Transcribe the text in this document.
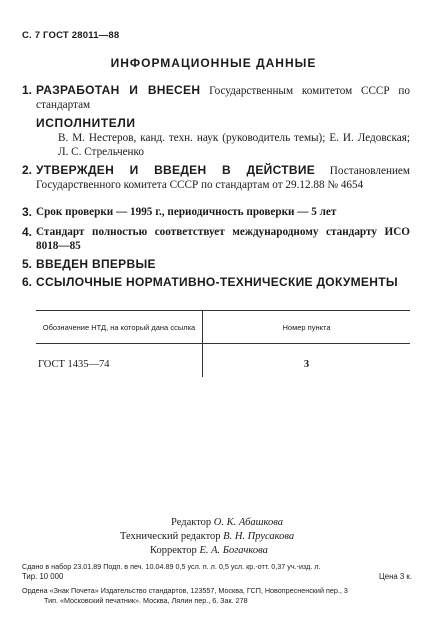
С. 7 ГОСТ 28011—88
ИНФОРМАЦИОННЫЕ ДАННЫЕ
1. РАЗРАБОТАН И ВНЕСЕН Государственным комитетом СССР по стандартам
ИСПОЛНИТЕЛИ
В. М. Нестеров, канд. техн. наук (руководитель темы); Е. И. Ледовская; Л. С. Стрельченко
2. УТВЕРЖДЕН И ВВЕДЕН В ДЕЙСТВИЕ Постановлением Государственного комитета СССР по стандартам от 29.12.88 № 4654
3. Срок проверки — 1995 г., периодичность проверки — 5 лет
4. Стандарт полностью соответствует международному стандарту ИСО 8018—85
5. ВВЕДЕН ВПЕРВЫЕ
6. ССЫЛОЧНЫЕ НОРМАТИВНО-ТЕХНИЧЕСКИЕ ДОКУМЕНТЫ
Обозначение НТД, на который дана ссылка	Номер пункта
ГОСТ 1435—74	3
Редактор О. К. Абашкова
Технический редактор В. Н. Прусакова
Корректор Е. А. Богачкова
Сдано в набор 23.01.89 Подп. в печ. 10.04.89 0,5 усл. п. л. 0,5 усл. кр.-отт. 0,37 уч.-изд. л.
Тир. 10 000	Цена 3 к.
Ордена «Знак Почета» Издательство стандартов, 123557, Москва, ГСП, Новопресненский пер., 3
Тип. «Московский печатник». Москва, Лялин пер., 6. Зак. 278
